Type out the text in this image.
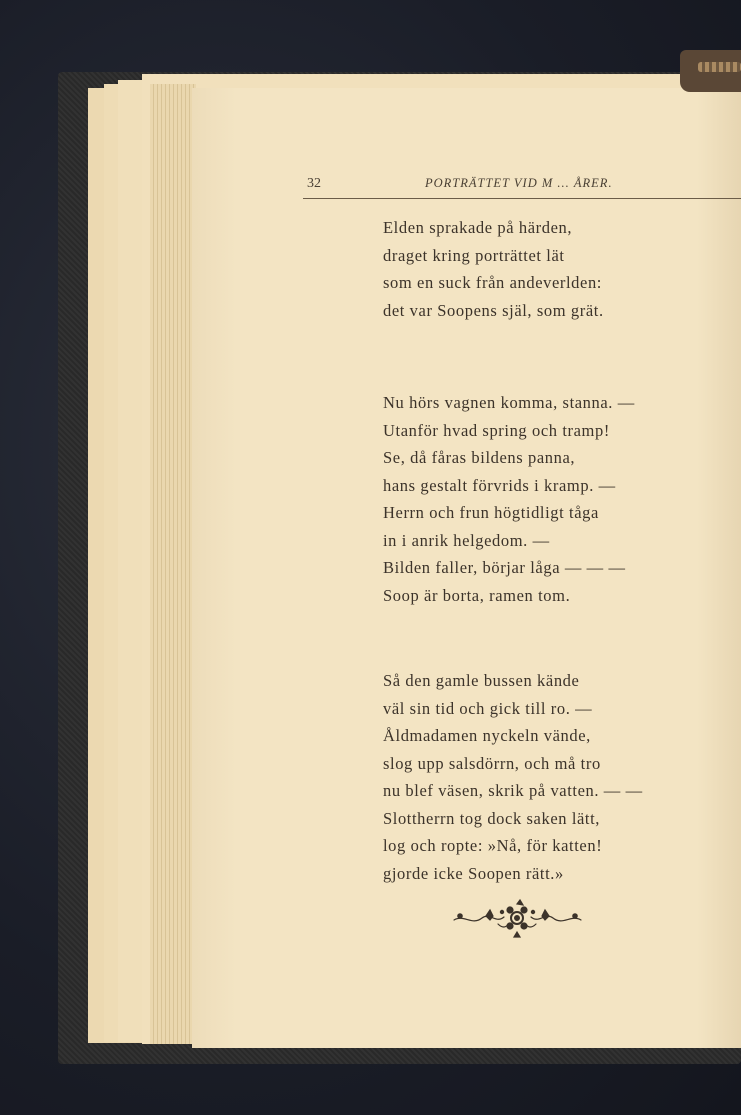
32	PORTRÄTTET VID M ... ÅRER.
Elden sprakade på härden,
draget kring porträttet lät
som en suck från andeverlden:
det var Soopens själ, som grät.
Nu hörs vagnen komma, stanna. —
Utanför hvad spring och tramp!
Se, då fåras bildens panna,
hans gestalt förvrids i kramp. —
Herrn och frun högtidligt tåga
in i anrik helgedom. —
Bilden faller, börjar låga — — —
Soop är borta, ramen tom.
Så den gamle bussen kände
väl sin tid och gick till ro. —
Åldmadamen nyckeln vände,
slog upp salsdörrn, och må tro
nu blef väsen, skrik på vatten. — —
Slottherrn tog dock saken lätt,
log och ropte: »Nå, för katten!
gjorde icke Soopen rätt.»
